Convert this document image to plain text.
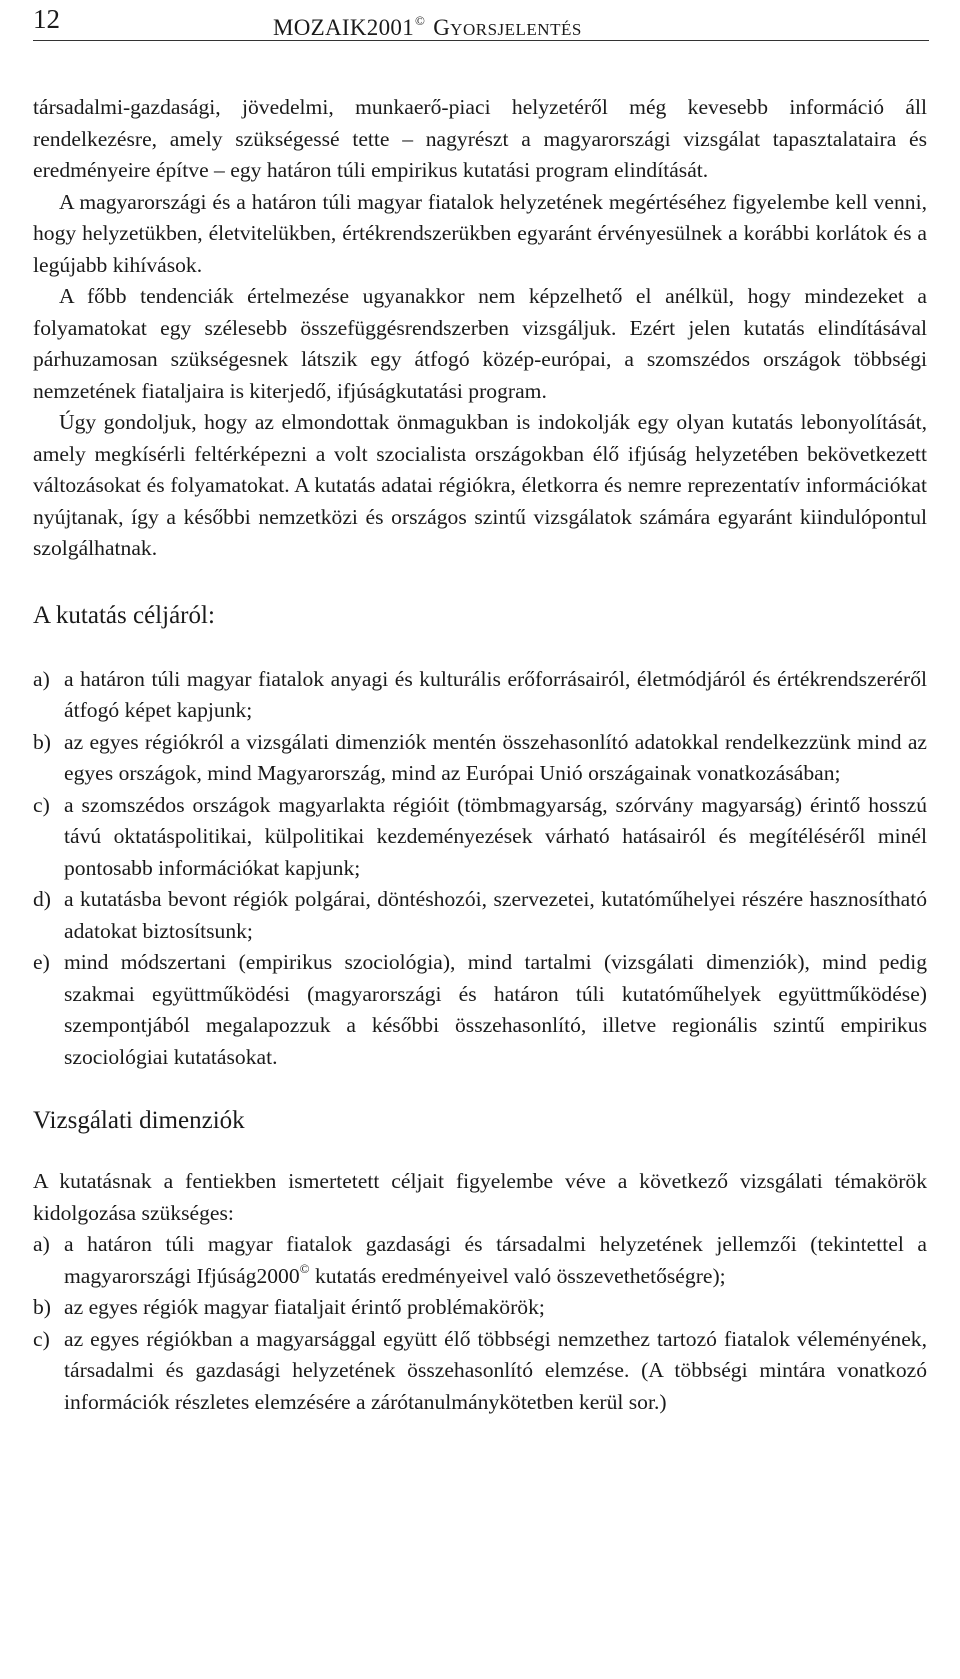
12	MOZAIK2001© GYORSJELENTÉS

társadalmi-gazdasági, jövedelmi, munkaerő-piaci helyzetéről még kevesebb információ áll rendelkezésre, amely szükségessé tette – nagyrészt a magyarországi vizsgálat tapasztalataira és eredményeire építve – egy határon túli empirikus kutatási program elindítását.

A magyarországi és a határon túli magyar fiatalok helyzetének megértéséhez figyelembe kell venni, hogy helyzetükben, életvitelükben, értékrendszerükben egyaránt érvényesülnek a korábbi korlátok és a legújabb kihívások.

A főbb tendenciák értelmezése ugyanakkor nem képzelhető el anélkül, hogy mindezeket a folyamatokat egy szélesebb összefüggésrendszerben vizsgáljuk. Ezért jelen kutatás elindításával párhuzamosan szükségesnek látszik egy átfogó közép-európai, a szomszédos országok többségi nemzetének fiataljaira is kiterjedő, ifjúságkutatási program.

Úgy gondoljuk, hogy az elmondottak önmagukban is indokolják egy olyan kutatás lebonyolítását, amely megkísérli feltérképezni a volt szocialista országokban élő ifjúság helyzetében bekövetkezett változásokat és folyamatokat. A kutatás adatai régiókra, életkorra és nemre reprezentatív információkat nyújtanak, így a későbbi nemzetközi és országos szintű vizsgálatok számára egyaránt kiindulópontul szolgálhatnak.

A kutatás céljáról:
a) a határon túli magyar fiatalok anyagi és kulturális erőforrásairól, életmódjáról és értékrendszeréről átfogó képet kapjunk;
b) az egyes régiókról a vizsgálati dimenziók mentén összehasonlító adatokkal rendelkezzünk mind az egyes országok, mind Magyarország, mind az Európai Unió országainak vonatkozásában;
c) a szomszédos országok magyarlakta régióit (tömbmagyarság, szórvány magyarság) érintő hosszú távú oktatáspolitikai, külpolitikai kezdeményezések várható hatásairól és megítéléséről minél pontosabb információkat kapjunk;
d) a kutatásba bevont régiók polgárai, döntéshozói, szervezetei, kutatóműhelyei részére hasznosítható adatokat biztosítsunk;
e) mind módszertani (empirikus szociológia), mind tartalmi (vizsgálati dimenziók), mind pedig szakmai együttműködési (magyarországi és határon túli kutatóműhelyek együttműködése) szempontjából megalapozzuk a későbbi összehasonlító, illetve regionális szintű empirikus szociológiai kutatásokat.
Vizsgálati dimenziók

A kutatásnak a fentiekben ismertetett céljait figyelembe véve a következő vizsgálati témakörök kidolgozása szükséges:

a) a határon túli magyar fiatalok gazdasági és társadalmi helyzetének jellemzői (tekintettel a magyarországi Ifjúság2000© kutatás eredményeivel való összevethetőségre);
b) az egyes régiók magyar fiataljait érintő problémakörök;
c) az egyes régiókban a magyarsággal együtt élő többségi nemzethez tartozó fiatalok véleményének, társadalmi és gazdasági helyzetének összehasonlító elemzése. (A többségi mintára vonatkozó információk részletes elemzésére a zárótanulmánykötetben kerül sor.)
